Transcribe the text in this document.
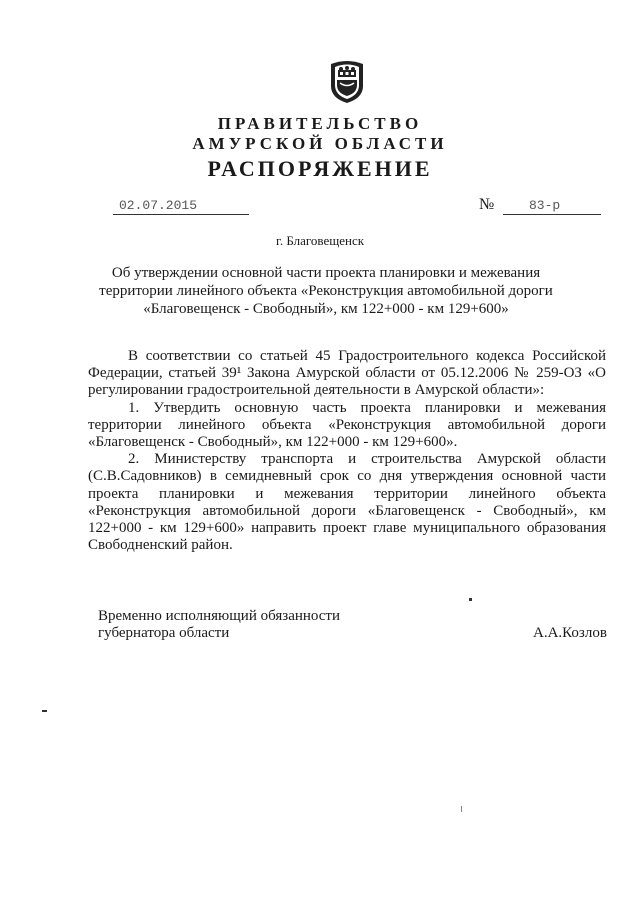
ПРАВИТЕЛЬСТВО
АМУРСКОЙ ОБЛАСТИ
РАСПОРЯЖЕНИЕ
02.07.2015	№	83-р
г. Благовещенск
Об утверждении основной части проекта планировки и межевания
территории линейного объекта «Реконструкция автомобильной дороги
«Благовещенск - Свободный», км 122+000 - км 129+600»

В соответствии со статьей 45 Градостроительного кодекса Российской Федерации, статьей 39¹ Закона Амурской области от 05.12.2006 № 259-ОЗ «О регулировании градостроительной деятельности в Амурской области»:

1. Утвердить основную часть проекта планировки и межевания территории линейного объекта «Реконструкция автомобильной дороги «Благовещенск - Свободный», км 122+000 - км 129+600».

2. Министерству транспорта и строительства Амурской области (С.В.Садовников) в семидневный срок со дня утверждения основной части проекта планировки и межевания территории линейного объекта «Реконструкция автомобильной дороги «Благовещенск - Свободный», км 122+000 - км 129+600» направить проект главе муниципального образования Свободненский район.

Временно исполняющий обязанности
губернатора области	А.А.Козлов
